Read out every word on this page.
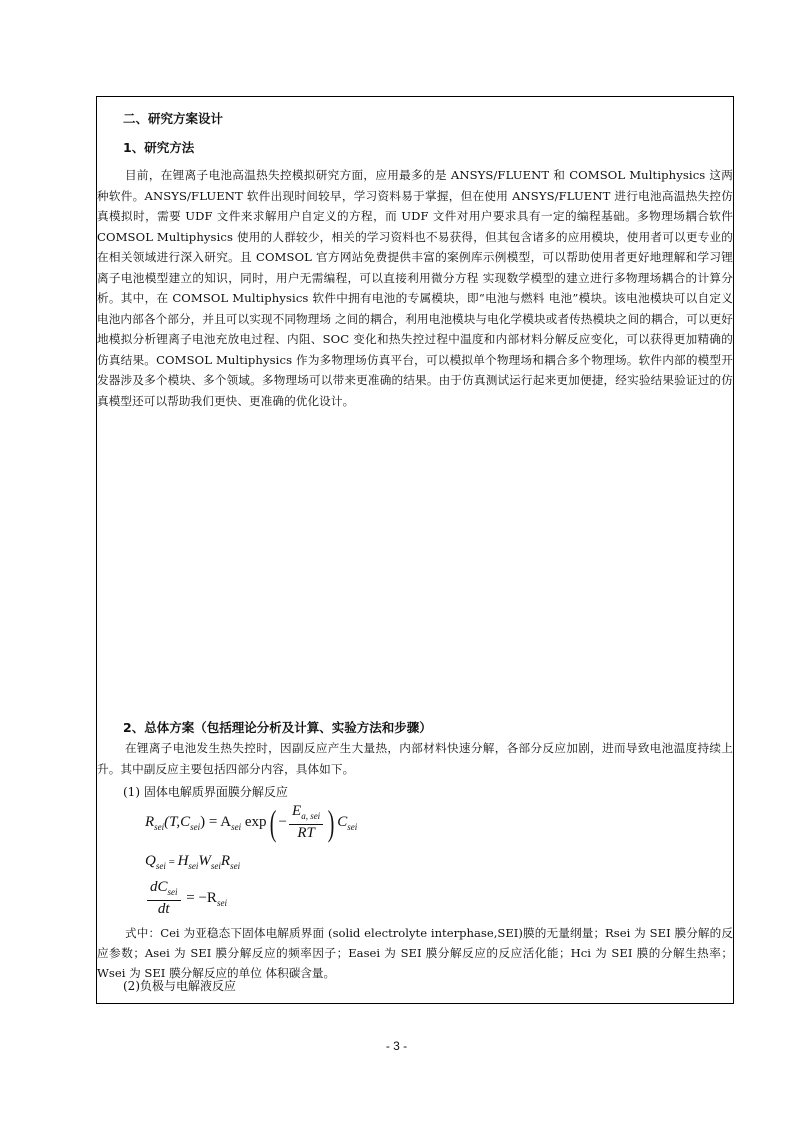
二、研究方案设计
1、研究方法

目前，在锂离子电池高温热失控模拟研究方面，应用最多的是 ANSYS/FLUENT 和 COMSOL Multiphysics 这两种软件。ANSYS/FLUENT 软件出现时间较早，学习资料易于掌握，但在使用 ANSYS/FLUENT 进行电池高温热失控仿真模拟时，需要 UDF 文件来求解用户自定义的方程，而 UDF 文件对用户要求具有一定的编程基础。多物理场耦合软件 COMSOL Multiphysics 使用的人群较少，相关的学习资料也不易获得，但其包含诸多的应用模块，使用者可以更专业的在相关领域进行深入研究。且 COMSOL 官方网站免费提供丰富的案例库示例模型，可以帮助使用者更好地理解和学习锂离子电池模型建立的知识，同时，用户无需编程，可以直接利用微分方程 实现数学模型的建立进行多物理场耦合的计算分析。其中，在 COMSOL Multiphysics 软件中拥有电池的专属模块，即“电池与燃料 电池”模块。该电池模块可以自定义电池内部各个部分，并且可以实现不同物理场 之间的耦合，利用电池模块与电化学模块或者传热模块之间的耦合，可以更好地模拟分析锂离子电池充放电过程、内阻、SOC 变化和热失控过程中温度和内部材料分解反应变化，可以获得更加精确的仿真结果。COMSOL Multiphysics 作为多物理场仿真平台，可以模拟单个物理场和耦合多个物理场。软件内部的模型开发器涉及多个模块、多个领域。多物理场可以带来更准确的结果。由于仿真测试运行起来更加便捷，经实验结果验证过的仿真模型还可以帮助我们更快、更准确的优化设计。

2、总体方案（包括理论分析及计算、实验方法和步骤）

在锂离子电池发生热失控时，因副反应产生大量热，内部材料快速分解，各部分反应加剧，进而导致电池温度持续上升。其中副反应主要包括四部分内容，具体如下。

(1) 固体电解质界面膜分解反应
$R_{sei}(T,C_{sei}) = A_{sei}$ $\exp( - \frac{E_{a, sei}}{RT}$ ) $C_{sei}$
$Q_{sei} = H_{sei}W_{sei}R_{sei}$
$\frac{dC_{sei}}{dt} = -R_{sei}$

式中：Cei 为亚稳态下固体电解质界面 (solid electrolyte interphase,SEI)膜的无量纲量；Rsei 为 SEI 膜分解的反应参数；Asei 为 SEI 膜分解反应的频率因子；Easei 为 SEI 膜分解反应的反应活化能；Hci 为 SEI 膜的分解生热率；Wsei 为 SEI 膜分解反应的单位 体积碳含量。

(2)负极与电解液反应
- 3 -
